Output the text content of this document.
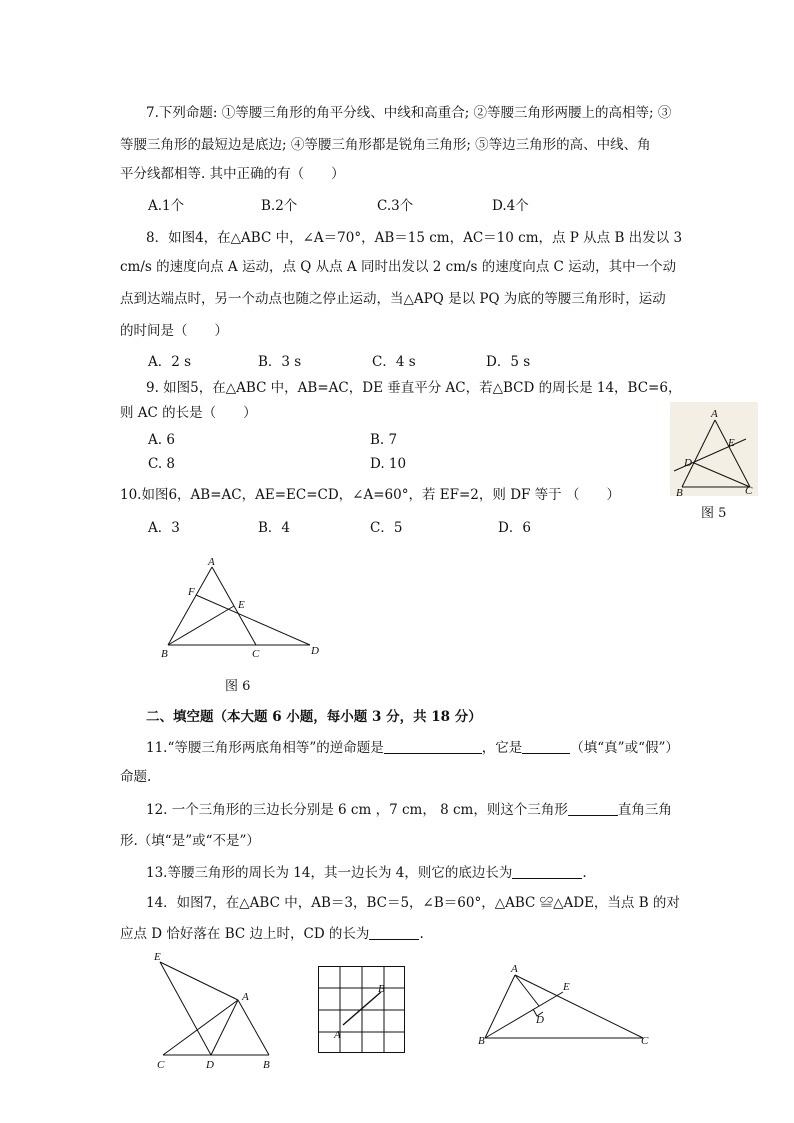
7.下列命题: ①等腰三角形的角平分线、中线和高重合; ②等腰三角形两腰上的高相等; ③
等腰三角形的最短边是底边; ④等腰三角形都是锐角三角形; ⑤等边三角形的高、中线、角
平分线都相等. 其中正确的有（　　）
A.1个	B.2个	C.3个	D.4个
8．如图4，在△ABC 中，∠A＝70°，AB＝15 cm，AC＝10 cm，点 P 从点 B 出发以 3
cm/s 的速度向点 A 运动，点 Q 从点 A 同时出发以 2 cm/s 的速度向点 C 运动，其中一个动
点到达端点时，另一个动点也随之停止运动，当△APQ 是以 PQ 为底的等腰三角形时，运动
的时间是（　　）
A．2 s	B．3 s	C．4 s	D．5 s
9. 如图5，在△ABC 中，AB=AC，DE 垂直平分 AC，若△BCD 的周长是 14，BC=6，
则 AC 的长是（　　）
A. 6	B. 7
C. 8	D. 10
A
E
D
B	C
图 5
10.如图6，AB=AC，AE=EC=CD，∠A=60°，若 EF=2，则 DF 等于 （　　）
A．3	B．4	C．5	D．6
A
F
E
B	C	D
图 6
二、填空题（本大题 6 小题，每小题 3 分，共 18 分）
11.“等腰三角形两底角相等”的逆命题是	，它是	（填“真”或“假”）
命题.
12. 一个三角形的三边长分别是 6 cm ，7 cm， 8 cm，则这个三角形	直角三角
形.（填“是”或“不是”）
13.等腰三角形的周长为 14，其一边长为 4，则它的底边长为	.
14．如图7，在△ABC 中，AB＝3，BC＝5，∠B＝60°，△ABC ≌△ADE，当点 B 的对
应点 D 恰好落在 BC 边上时，CD 的长为	.
E
A
C	D	B
A
B
A
E
D
B	C
